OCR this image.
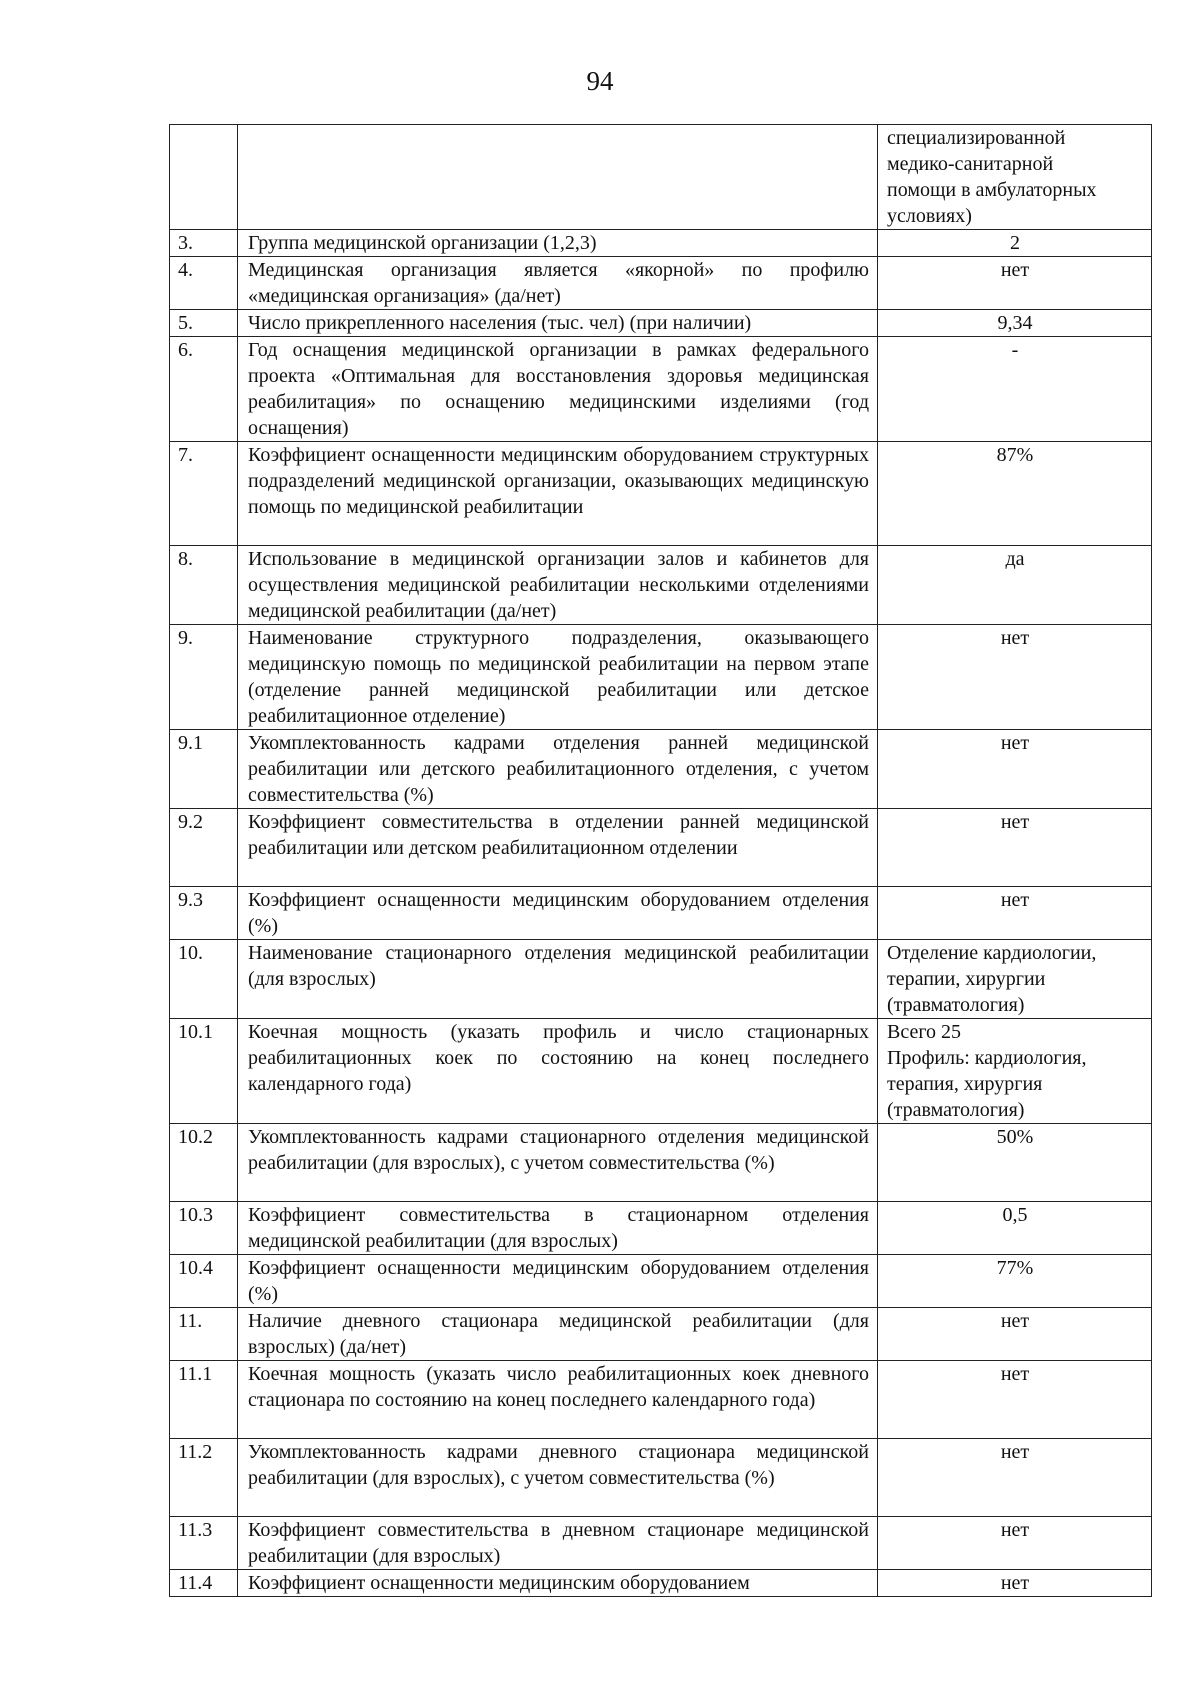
94
		специализированной
медико-санитарной
помощи в амбулаторных
условиях)
3.	Группа медицинской организации (1,2,3)	2
4.	Медицинская организация является «якорной» по профилю «медицинская организация» (да/нет)	нет
5.	Число прикрепленного населения (тыс. чел) (при наличии)	9,34
6.	Год оснащения медицинской организации в рамках федерального проекта «Оптимальная для восстановления здоровья медицинская реабилитация» по оснащению медицинскими изделиями (год оснащения)	-
7.	Коэффициент оснащенности медицинским оборудованием структурных подразделений медицинской организации, оказывающих медицинскую помощь по медицинской реабилитации	87%
8.	Использование в медицинской организации залов и кабинетов для осуществления медицинской реабилитации несколькими отделениями медицинской реабилитации (да/нет)	да
9.	Наименование структурного подразделения, оказывающего медицинскую помощь по медицинской реабилитации на первом этапе (отделение ранней медицинской реабилитации или детское реабилитационное отделение)	нет
9.1	Укомплектованность кадрами отделения ранней медицинской реабилитации или детского реабилитационного отделения, с учетом совместительства (%)	нет
9.2	Коэффициент совместительства в отделении ранней медицинской реабилитации или детском реабилитационном отделении	нет
9.3	Коэффициент оснащенности медицинским оборудованием отделения (%)	нет
10.	Наименование стационарного отделения медицинской реабилитации (для взрослых)	Отделение кардиологии,
терапии, хирургии
(травматология)
10.1	Коечная мощность (указать профиль и число стационарных реабилитационных коек по состоянию на конец последнего календарного года)	Всего 25
Профиль: кардиология,
терапия, хирургия
(травматология)
10.2	Укомплектованность кадрами стационарного отделения медицинской реабилитации (для взрослых), с учетом совместительства (%)	50%
10.3	Коэффициент совместительства в стационарном отделения медицинской реабилитации (для взрослых)	0,5
10.4	Коэффициент оснащенности медицинским оборудованием отделения (%)	77%
11.	Наличие дневного стационара медицинской реабилитации (для взрослых) (да/нет)	нет
11.1	Коечная мощность (указать число реабилитационных коек дневного стационара по состоянию на конец последнего календарного года)	нет
11.2	Укомплектованность кадрами дневного стационара медицинской реабилитации (для взрослых), с учетом совместительства (%)	нет
11.3	Коэффициент совместительства в дневном стационаре медицинской реабилитации (для взрослых)	нет
11.4	Коэффициент оснащенности медицинским оборудованием	нет
